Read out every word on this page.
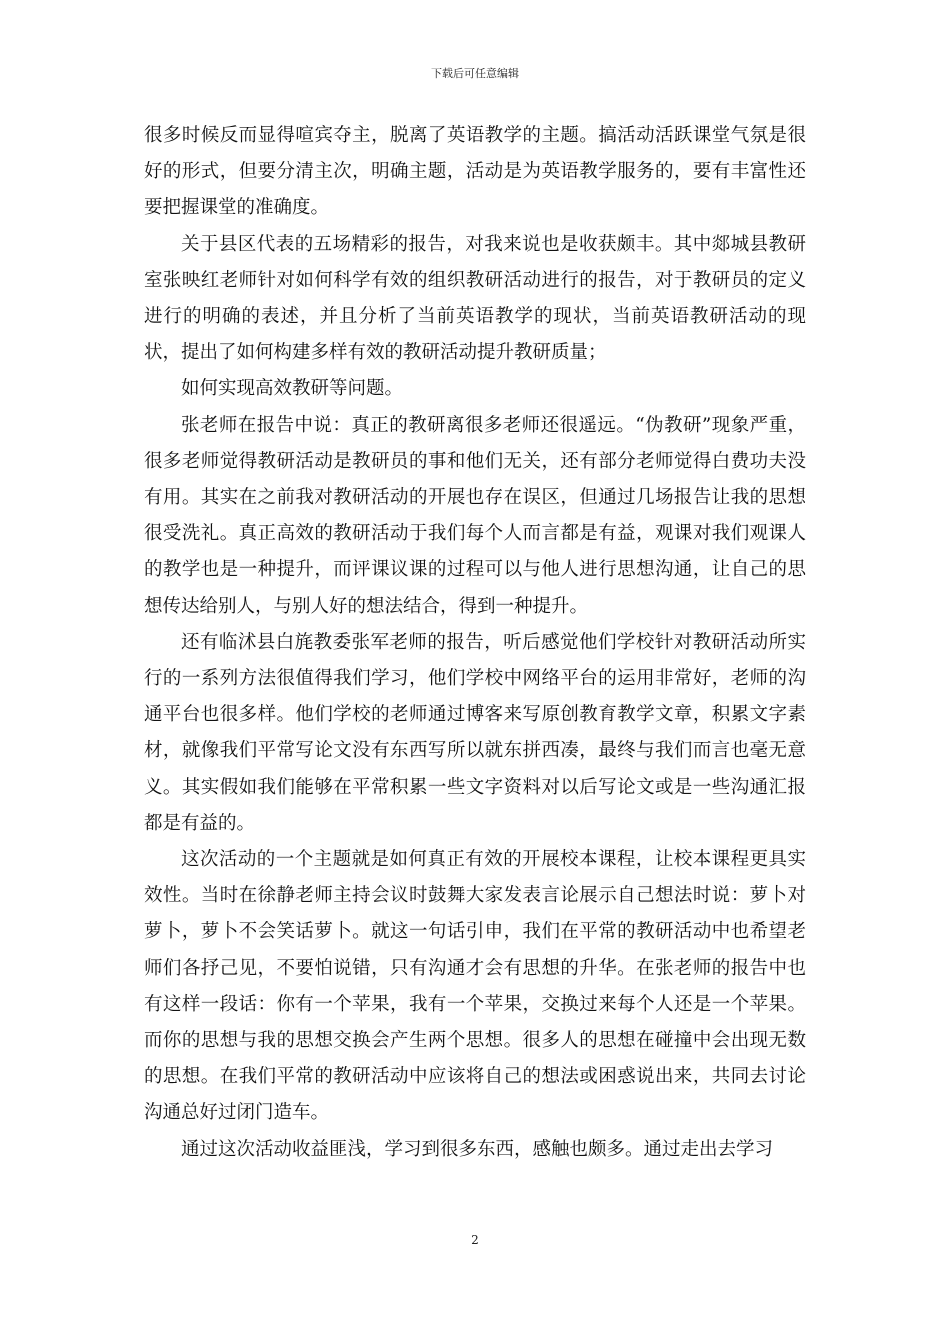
下载后可任意编辑

很多时候反而显得喧宾夺主，脱离了英语教学的主题。搞活动活跃课堂气氛是很好的形式，但要分清主次，明确主题，活动是为英语教学服务的，要有丰富性还要把握课堂的准确度。

关于县区代表的五场精彩的报告，对我来说也是收获颇丰。其中郯城县教研室张映红老师针对如何科学有效的组织教研活动进行的报告，对于教研员的定义进行的明确的表述，并且分析了当前英语教学的现状，当前英语教研活动的现状，提出了如何构建多样有效的教研活动提升教研质量；

如何实现高效教研等问题。

张老师在报告中说：真正的教研离很多老师还很遥远。“伪教研”现象严重，很多老师觉得教研活动是教研员的事和他们无关，还有部分老师觉得白费功夫没有用。其实在之前我对教研活动的开展也存在误区，但通过几场报告让我的思想很受洗礼。真正高效的教研活动于我们每个人而言都是有益，观课对我们观课人的教学也是一种提升，而评课议课的过程可以与他人进行思想沟通，让自己的思想传达给别人，与别人好的想法结合，得到一种提升。

还有临沭县白旄教委张军老师的报告，听后感觉他们学校针对教研活动所实行的一系列方法很值得我们学习，他们学校中网络平台的运用非常好，老师的沟通平台也很多样。他们学校的老师通过博客来写原创教育教学文章，积累文字素材，就像我们平常写论文没有东西写所以就东拼西凑，最终与我们而言也毫无意义。其实假如我们能够在平常积累一些文字资料对以后写论文或是一些沟通汇报都是有益的。

这次活动的一个主题就是如何真正有效的开展校本课程，让校本课程更具实效性。当时在徐静老师主持会议时鼓舞大家发表言论展示自己想法时说：萝卜对萝卜，萝卜不会笑话萝卜。就这一句话引申，我们在平常的教研活动中也希望老师们各抒己见，不要怕说错，只有沟通才会有思想的升华。在张老师的报告中也有这样一段话：你有一个苹果，我有一个苹果，交换过来每个人还是一个苹果。而你的思想与我的思想交换会产生两个思想。很多人的思想在碰撞中会出现无数的思想。在我们平常的教研活动中应该将自己的想法或困惑说出来，共同去讨论沟通总好过闭门造车。

通过这次活动收益匪浅，学习到很多东西，感触也颇多。通过走出去学习

2
